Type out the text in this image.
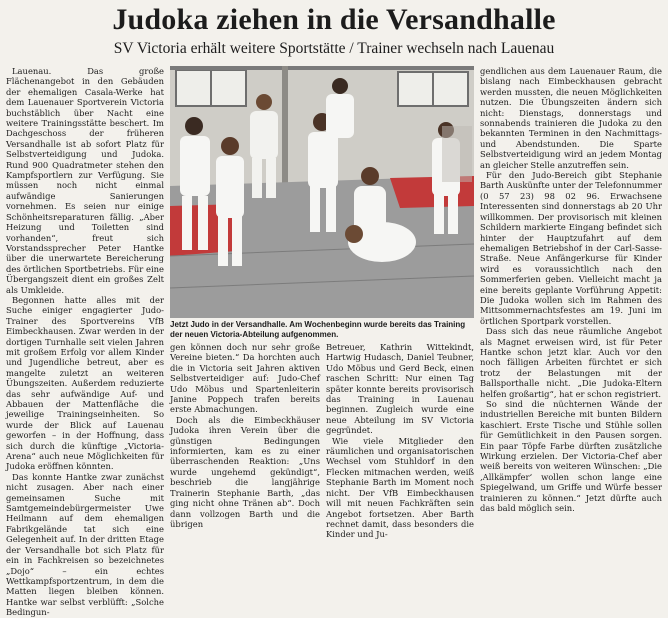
Judoka ziehen in die Versandhalle
SV Victoria erhält weitere Sportstätte / Trainer wechseln nach Lauenau

Lauenau. Das große Flächenangebot in den Gebäuden der ehemaligen Casala-Werke hat dem Lauenauer Sportverein Victoria buchstäblich über Nacht eine weitere Trainingsstätte beschert. Im Dachgeschoss der früheren Versandhalle ist ab sofort Platz für Selbstverteidigung und Judoka. Rund 900 Quadratmeter stehen den Kampfsportlern zur Verfügung. Sie müssen noch nicht einmal aufwändige Sanierungen vornehmen. Es seien nur einige Schönheitsreparaturen fällig. „Aber Heizung und Toiletten sind vorhanden“, freut sich Vorstandssprecher Peter Hantke über die unerwartete Bereicherung des örtlichen Sportbetriebs. Für eine Übergangszeit dient ein großes Zelt als Umkleide.

Begonnen hatte alles mit der Suche einiger engagierter Judo-Trainer des Sportvereins VfB Eimbeckhausen. Zwar werden in der dortigen Turnhalle seit vielen Jahren mit großem Erfolg vor allem Kinder und Jugendliche betreut, aber es mangelte zuletzt an weiteren Übungszeiten. Außerdem reduzierte das sehr aufwändige Auf- und Abbauen der Mattenfläche die jeweilige Trainingseinheiten. So wurde der Blick auf Lauenau geworfen – in der Hoffnung, dass sich durch die künftige „Victoria-Arena“ auch neue Möglichkeiten für Judoka eröffnen könnten.

Das konnte Hantke zwar zunächst nicht zusagen. Aber nach einer gemeinsamen Suche mit Samtgemeindebürgermeister Uwe Heilmann auf dem ehemaligen Fabrikgelände tat sich eine Gelegenheit auf. In der dritten Etage der Versandhalle bot sich Platz für ein in Fachkreisen so bezeichnetes „Dojo“ – ein echtes Wettkampfsportzentrum, in dem die Matten liegen bleiben können. Hantke war selbst verblüfft: „Solche Bedingun-

Jetzt Judo in der Versandhalle. Am Wochenbeginn wurde bereits das Training der neuen Victoria-Abteilung aufgenommen.

gen können doch nur sehr große Vereine bieten.“ Da horchten auch die in Victoria seit Jahren aktiven Selbstverteidiger auf: Judo-Chef Udo Möbus und Spartenleiterin Janine Poppech trafen bereits erste Abmachungen.

Doch als die Eimbeckhäuser Judoka ihren Verein über die günstigen Bedingungen informierten, kam es zu einer überraschenden Reaktion: „Uns wurde ungehemd gekündigt“, beschrieb die langjährige Trainerin Stephanie Barth, „das ging nicht ohne Tränen ab“. Doch dann vollzogen Barth und die übrigen

Betreuer, Kathrin Wittekindt, Hartwig Hudasch, Daniel Teubner, Udo Möbus und Gerd Beck, einen raschen Schritt: Nur einen Tag später konnte bereits provisorisch das Training in Lauenau beginnen. Zugleich wurde eine neue Abteilung im SV Victoria gegründet.

Wie viele Mitglieder den räumlichen und organisatorischen Wechsel vom Stuhldorf in den Flecken mitmachen werden, weiß Stephanie Barth im Moment noch nicht. Der VfB Eimbeckhausen will mit neuen Fachkräften sein Angebot fortsetzen. Aber Barth rechnet damit, dass besonders die Kinder und Ju-

gendlichen aus dem Lauenauer Raum, die bislang nach Eimbeckhausen gebracht werden mussten, die neuen Möglichkeiten nutzen. Die Übungszeiten ändern sich nicht: Dienstags, donnerstags und sonnabends trainieren die Judoka zu den bekannten Terminen in den Nachmittags- und Abendstunden. Die Sparte Selbstverteidigung wird an jedem Montag an gleicher Stelle anzutreffen sein.

Für den Judo-Bereich gibt Stephanie Barth Auskünfte unter der Telefonnummer (0 57 23) 98 02 96. Erwachsene Interessenten sind donnerstags ab 20 Uhr willkommen. Der provisorisch mit kleinen Schildern markierte Eingang befindet sich hinter der Hauptzufahrt auf dem ehemaligen Betriebshof in der Carl-Sasse-Straße. Neue Anfängerkurse für Kinder wird es voraussichtlich nach den Sommerferien geben. Vielleicht macht ja eine bereits geplante Vorführung Appetit: Die Judoka wollen sich im Rahmen des Mittsommernachtsfestes am 19. Juni im örtlichen Sportpark vorstellen.

Dass sich das neue räumliche Angebot als Magnet erweisen wird, ist für Peter Hantke schon jetzt klar. Auch vor den noch fälligen Arbeiten fürchtet er sich trotz der Belastungen mit der Ballsporthalle nicht. „Die Judoka-Eltern helfen großartig“, hat er schon registriert.

So sind die nüchternen Wände der industriellen Bereiche mit bunten Bildern kaschiert. Erste Tische und Stühle sollen für Gemütlichkeit in den Pausen sorgen. Ein paar Töpfe Farbe dürften zusätzliche Wirkung erzielen. Der Victoria-Chef aber weiß bereits von weiteren Wünschen: „Die ‚Allkämpfer‘ wollen schon lange eine Spiegelwand, um Griffe und Würfe besser trainieren zu können.“ Jetzt dürfte auch das bald möglich sein.
